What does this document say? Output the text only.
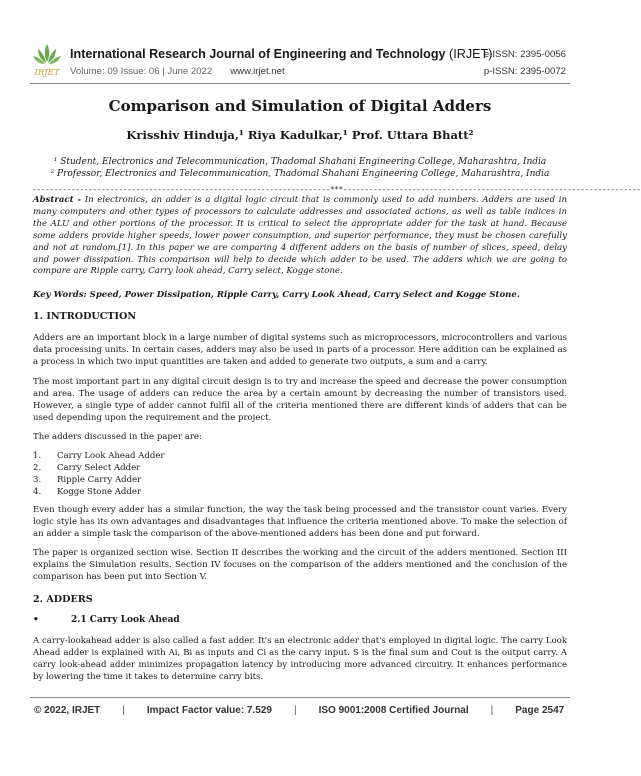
IRJET
International Research Journal of Engineering and Technology (IRJET)
Volume: 09 Issue: 06 | June 2022 www.irjet.net
e-ISSN: 2395-0056
p-ISSN: 2395-0072
Comparison and Simulation of Digital Adders
Krisshiv Hinduja,¹ Riya Kadulkar,¹ Prof. Uttara Bhatt²
¹ Student, Electronics and Telecommunication, Thadomal Shahani Engineering College, Maharashtra, India
² Professor, Electronics and Telecommunication, Thadomal Shahani Engineering College, Maharashtra, India
---------------------------------------------------------------------***---------------------------------------------------------------------
Abstract - In electronics, an adder is a digital logic circuit that is commonly used to add numbers. Adders are used in many computers and other types of processors to calculate addresses and associated actions, as well as table indices in the ALU and other portions of the processor. It is critical to select the appropriate adder for the task at hand. Because some adders provide higher speeds, lower power consumption, and superior performance, they must be chosen carefully and not at random.[1]. In this paper we are comparing 4 different adders on the basis of number of slices, speed, delay and power dissipation. This comparison will help to decide which adder to be used. The adders which we are going to compare are Ripple carry, Carry look ahead, Carry select, Kogge stone.
Key Words: Speed, Power Dissipation, Ripple Carry, Carry Look Ahead, Carry Select and Kogge Stone.
1. INTRODUCTION
Adders are an important block in a large number of digital systems such as microprocessors, microcontrollers and various data processing units. In certain cases, adders may also be used in parts of a processor. Here addition can be explained as a process in which two input quantities are taken and added to generate two outputs, a sum and a carry.
The most important part in any digital circuit design is to try and increase the speed and decrease the power consumption and area. The usage of adders can reduce the area by a certain amount by decreasing the number of transistors used. However, a single type of adder cannot fulfil all of the criteria mentioned there are different kinds of adders that can be used depending upon the requirement and the project.
The adders discussed in the paper are:
1. Carry Look Ahead Adder
2. Carry Select Adder
3. Ripple Carry Adder
4. Kogge Stone Adder
Even though every adder has a similar function, the way the task being processed and the transistor count varies. Every logic style has its own advantages and disadvantages that influence the criteria mentioned above. To make the selection of an adder a simple task the comparison of the above-mentioned adders has been done and put forward.
The paper is organized section wise. Section II describes the working and the circuit of the adders mentioned. Section III explains the Simulation results. Section IV focuses on the comparison of the adders mentioned and the conclusion of the comparison has been put into Section V.
2. ADDERS
•	2.1 Carry Look Ahead
A carry-lookahead adder is also called a fast adder. It's an electronic adder that's employed in digital logic. The carry Look Ahead adder is explained with Ai, Bi as inputs and Ci as the carry input. S is the final sum and Cout is the output carry. A carry look-ahead adder minimizes propagation latency by introducing more advanced circuitry. It enhances performance by lowering the time it takes to determine carry bits.
© 2022, IRJET | Impact Factor value: 7.529 | ISO 9001:2008 Certified Journal | Page 2547
